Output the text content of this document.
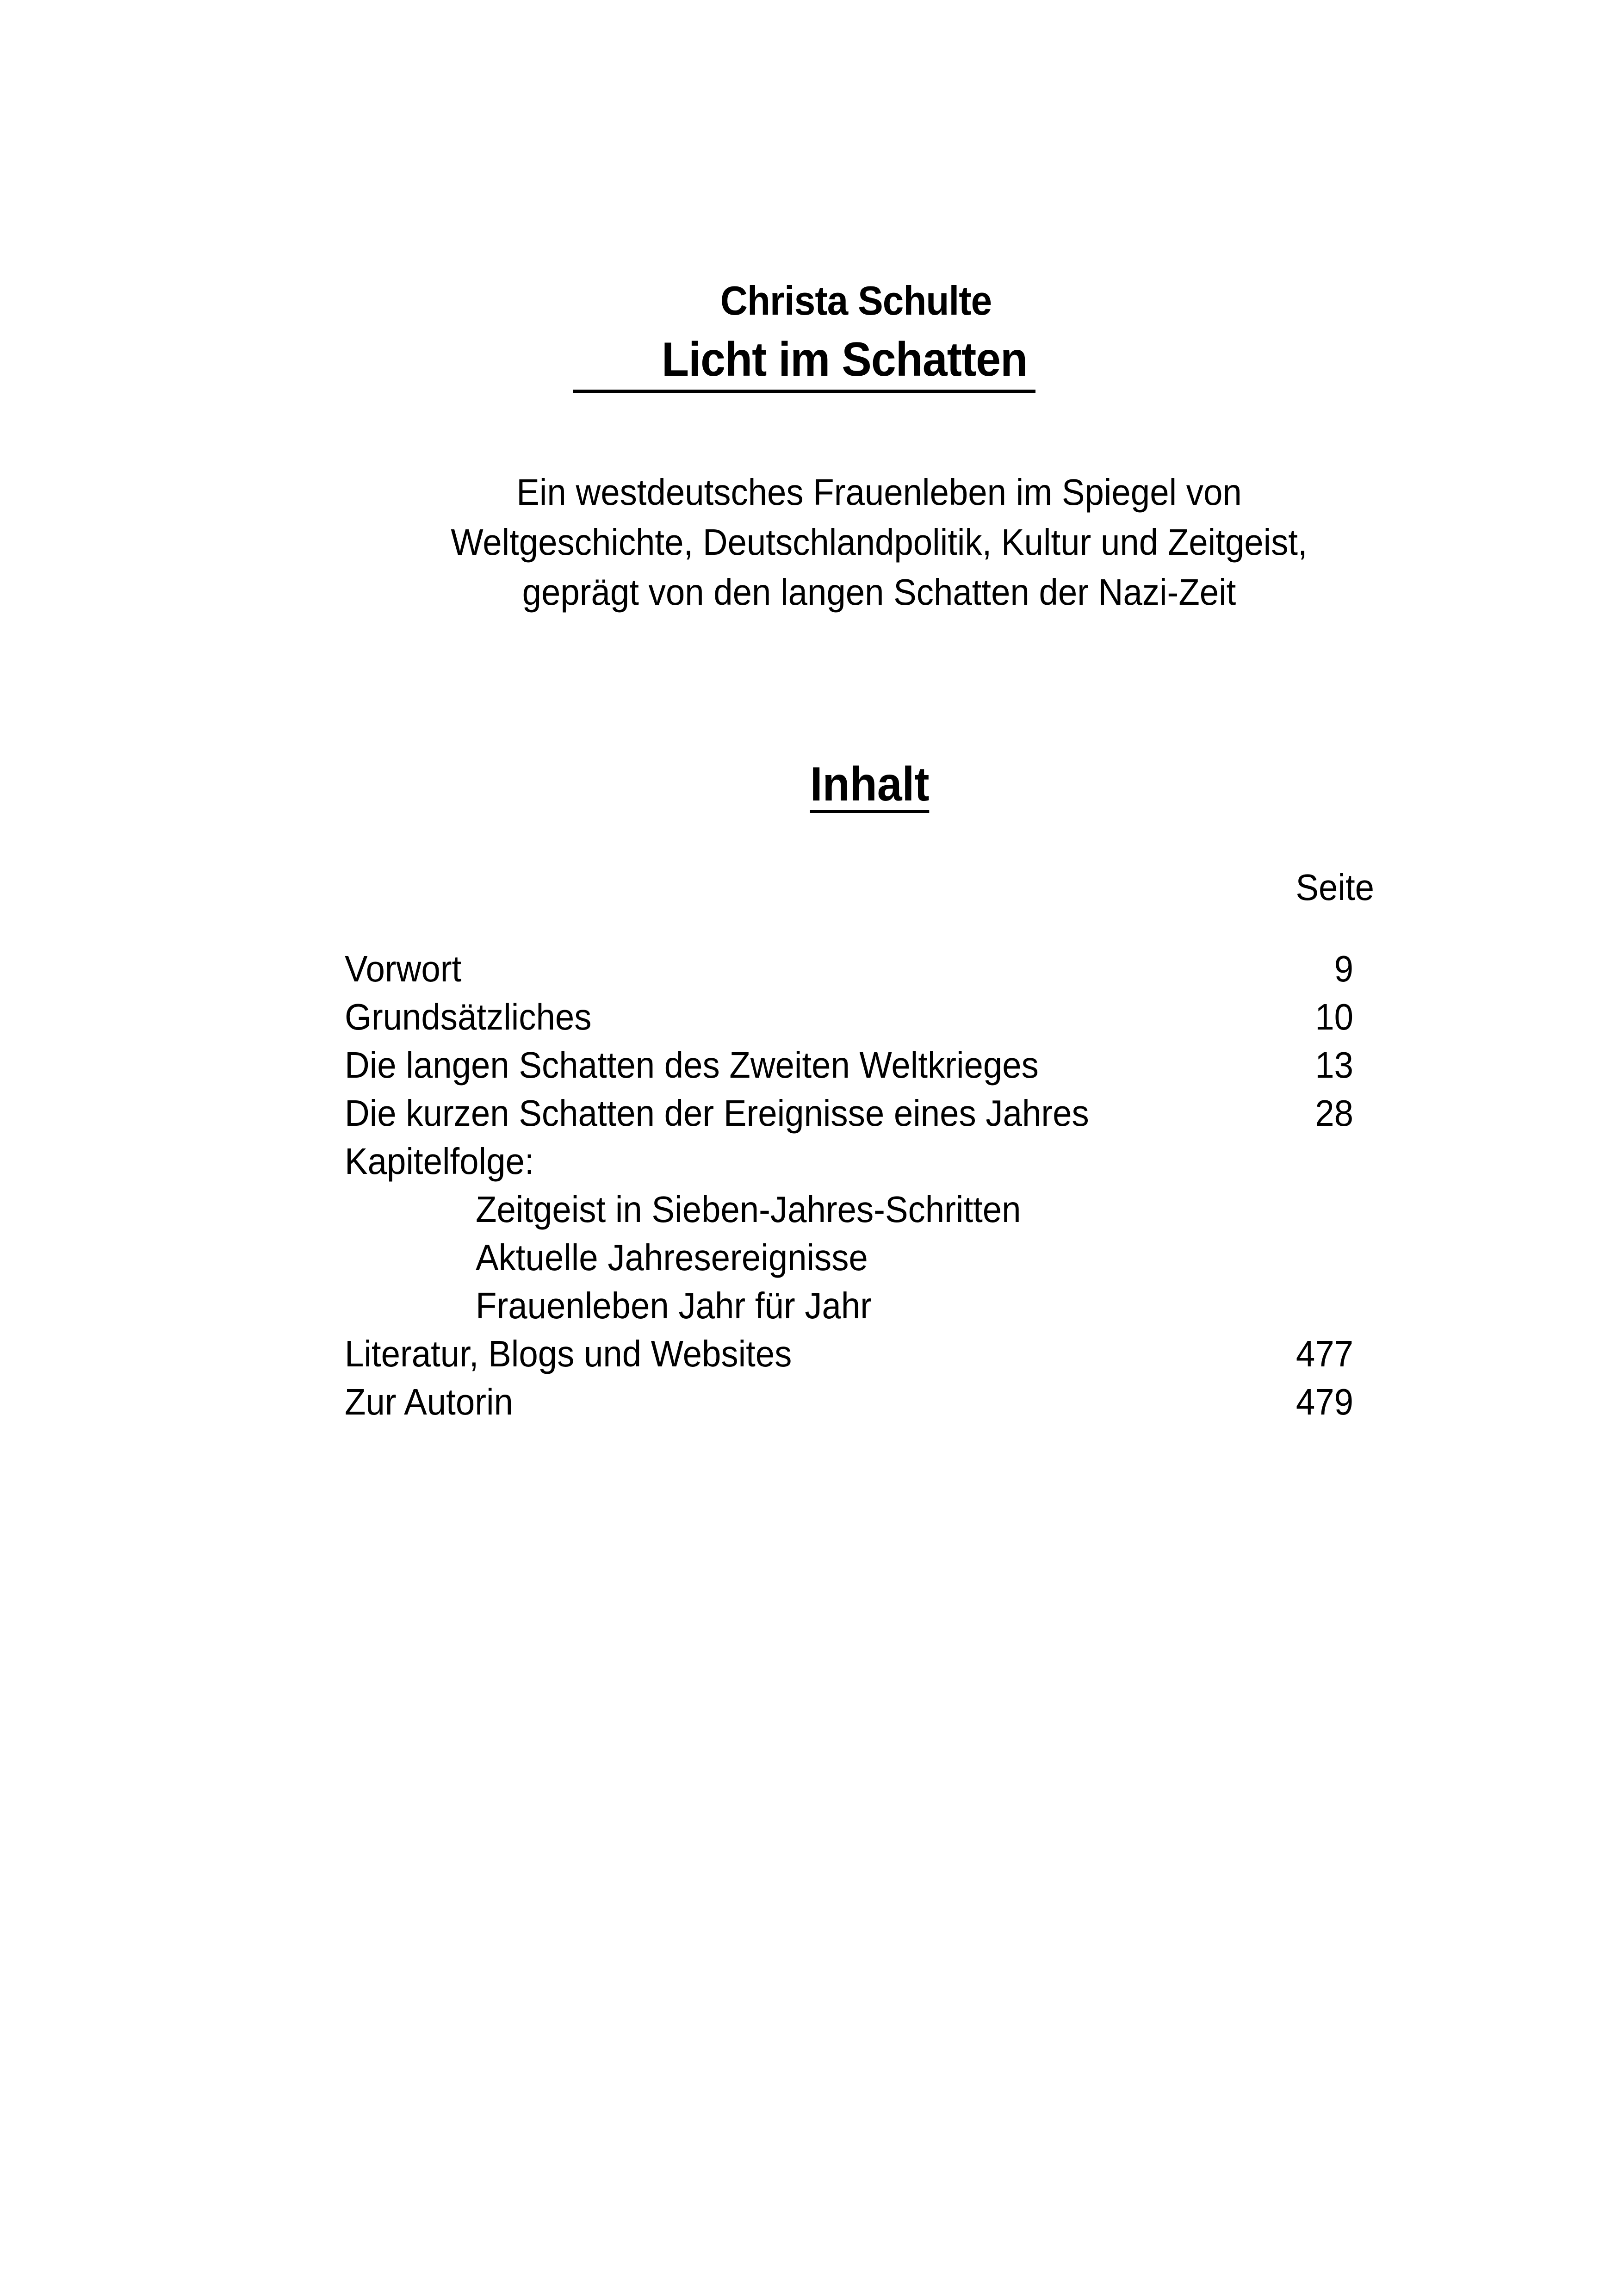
Christa Schulte
Licht im Schatten
Ein westdeutsches Frauenleben im Spiegel von
Weltgeschichte, Deutschlandpolitik, Kultur und Zeitgeist,
geprägt von den langen Schatten der Nazi-Zeit
Inhalt
Seite
Vorwort	9
Grundsätzliches	10
Die langen Schatten des Zweiten Weltkrieges	13
Die kurzen Schatten der Ereignisse eines Jahres	28
Kapitelfolge:
Zeitgeist in Sieben-Jahres-Schritten
Aktuelle Jahresereignisse
Frauenleben Jahr für Jahr
Literatur, Blogs und Websites	477
Zur Autorin	479
